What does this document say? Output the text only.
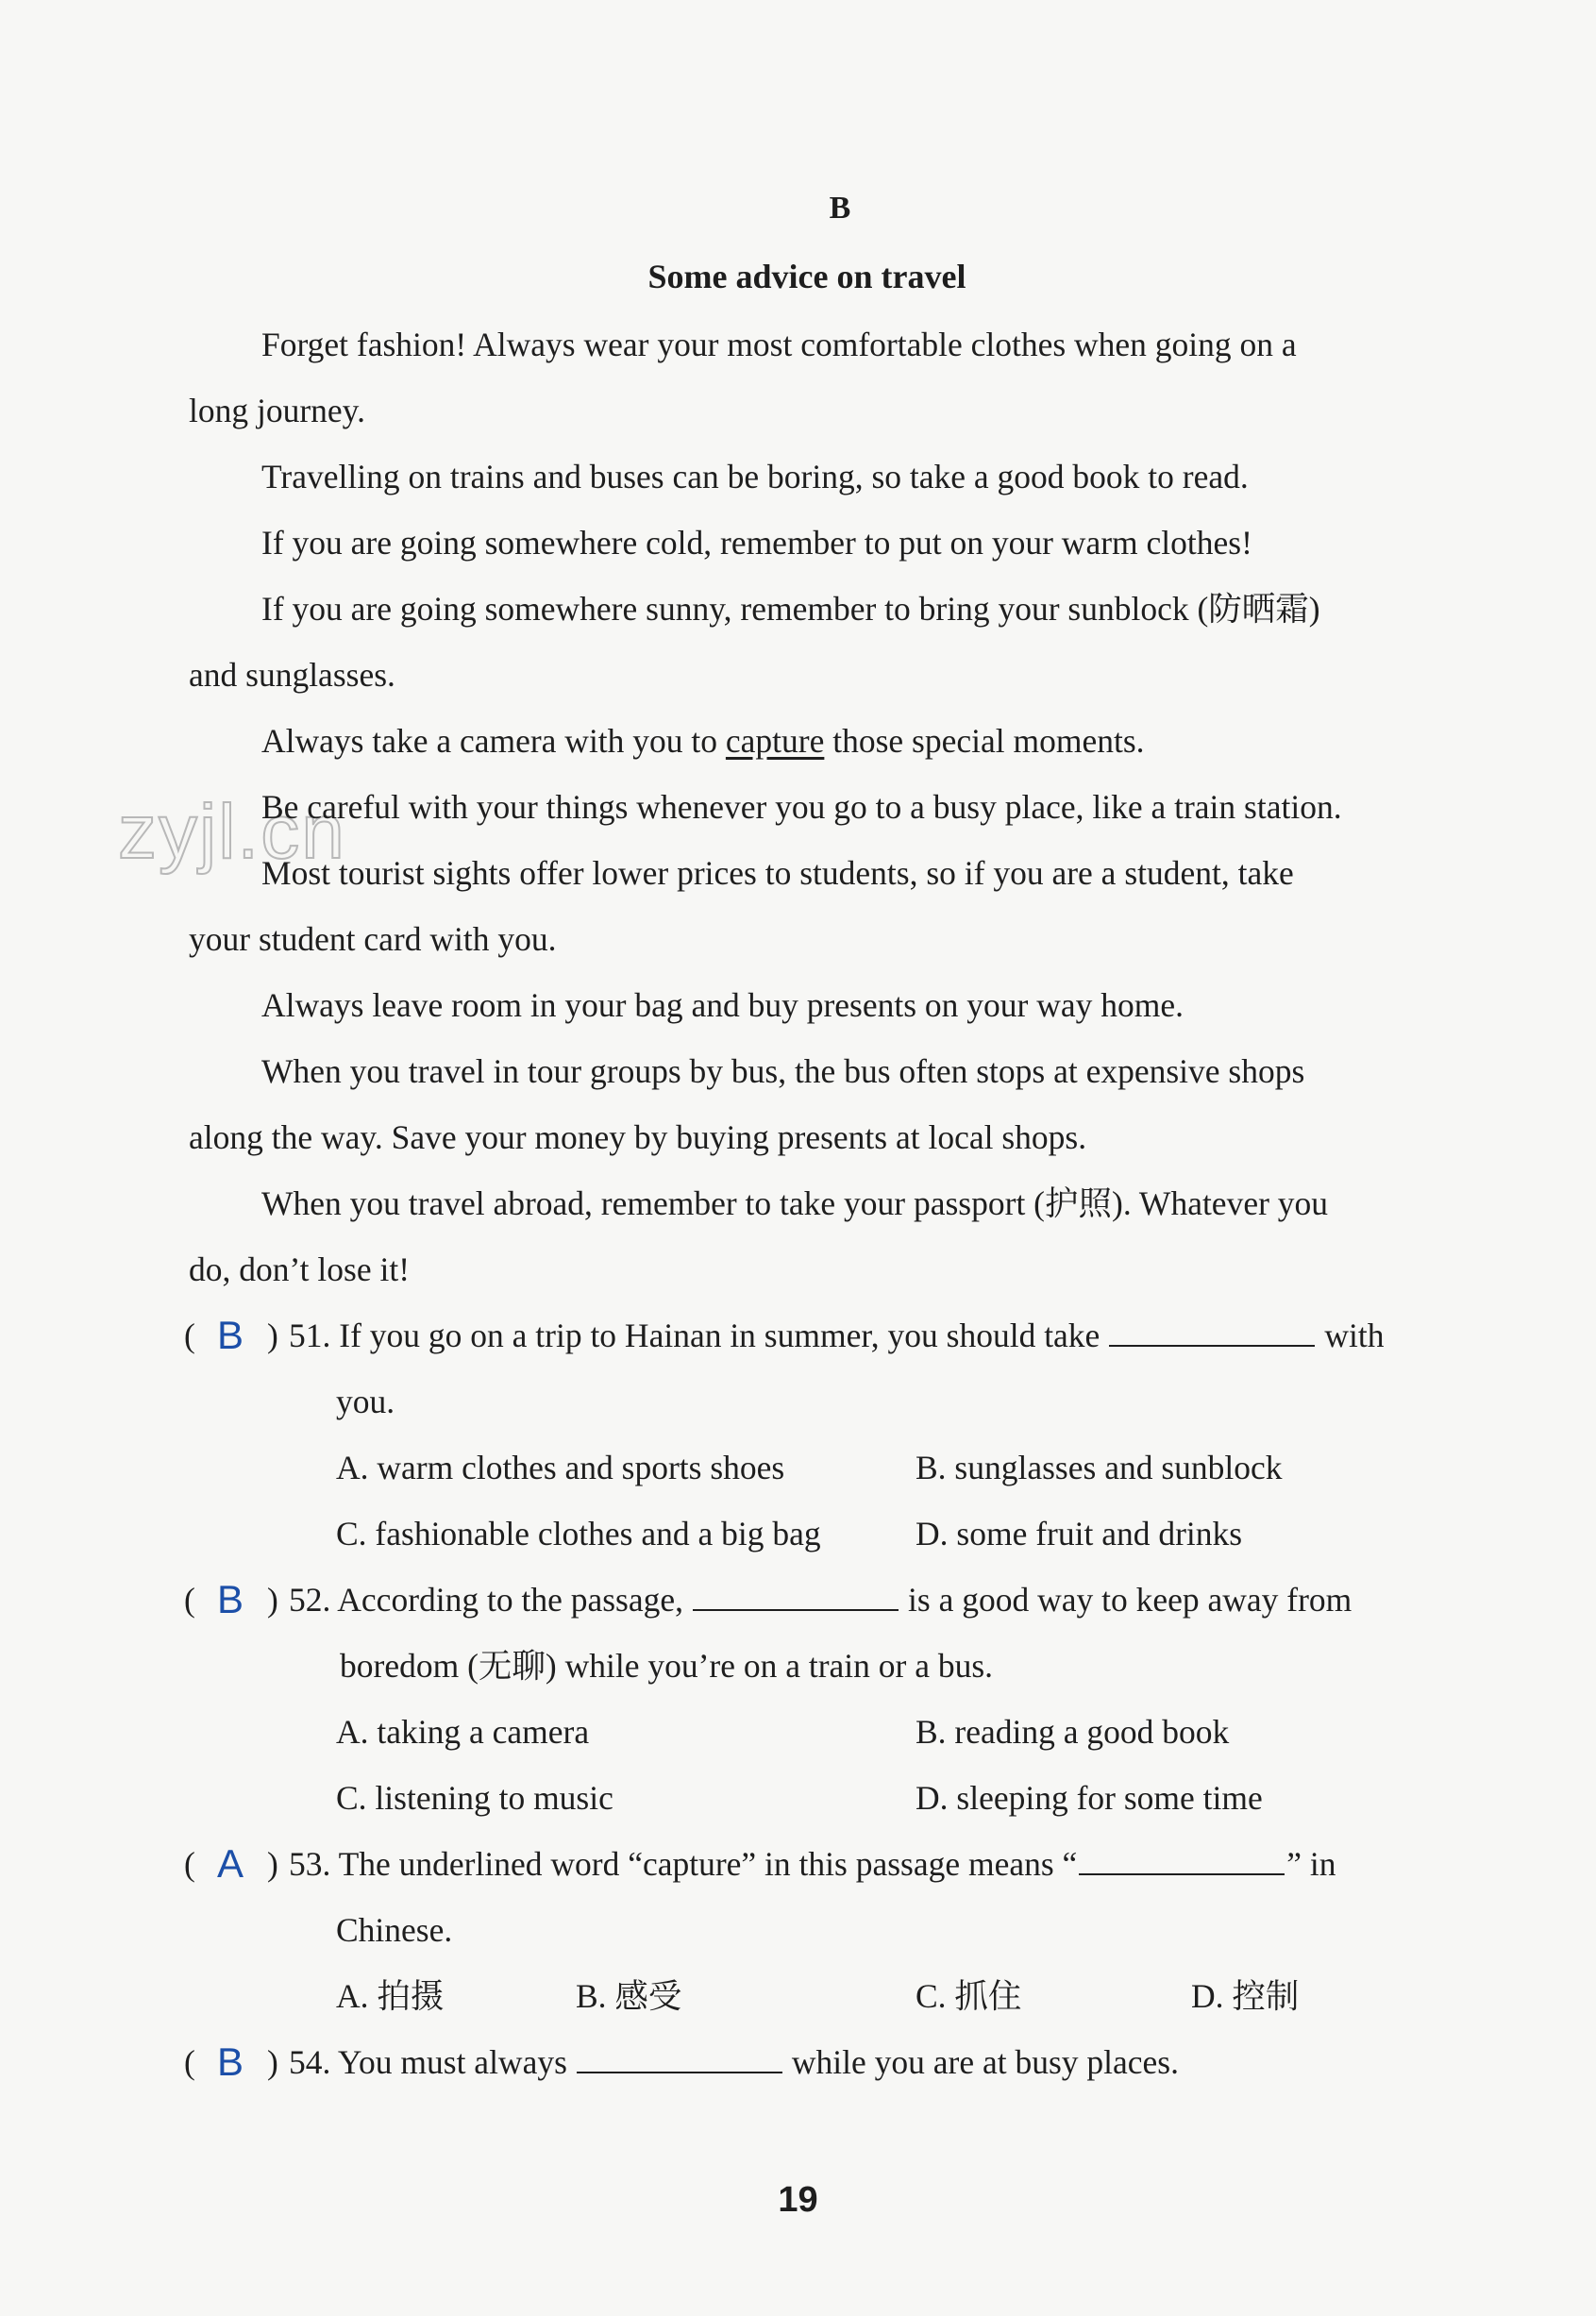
zyjl.cn
B
Some advice on travel
Forget fashion! Always wear your most comfortable clothes when going on a
long journey.
Travelling on trains and buses can be boring, so take a good book to read.
If you are going somewhere cold, remember to put on your warm clothes!
If you are going somewhere sunny, remember to bring your sunblock (防晒霜)
and sunglasses.
Always take a camera with you to capture those special moments.
Be careful with your things whenever you go to a busy place, like a train station.
Most tourist sights offer lower prices to students, so if you are a student, take
your student card with you.
Always leave room in your bag and buy presents on your way home.
When you travel in tour groups by bus, the bus often stops at expensive shops
along the way. Save your money by buying presents at local shops.
When you travel abroad, remember to take your passport (护照). Whatever you
do, don’t lose it!
( B ) 51. If you go on a trip to Hainan in summer, you should take	with
you.
A. warm clothes and sports shoes	B. sunglasses and sunblock
C. fashionable clothes and a big bag	D. some fruit and drinks
( B ) 52. According to the passage,	is a good way to keep away from
boredom (无聊) while you’re on a train or a bus.
A. taking a camera	B. reading a good book
C. listening to music	D. sleeping for some time
( A ) 53. The underlined word “capture” in this passage means “	” in
Chinese.
A. 拍摄	B. 感受	C. 抓住	D. 控制
( B ) 54. You must always	while you are at busy places.
19
